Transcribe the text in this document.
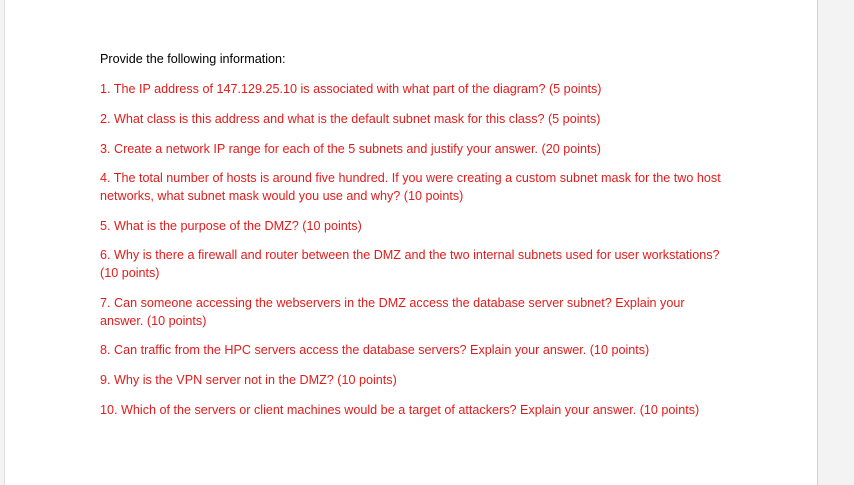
Provide the following information:

1. The IP address of 147.129.25.10 is associated with what part of the diagram? (5 points)

2. What class is this address and what is the default subnet mask for this class? (5 points)

3. Create a network IP range for each of the 5 subnets and justify your answer. (20 points)

4. The total number of hosts is around five hundred. If you were creating a custom subnet mask for the two host networks, what subnet mask would you use and why? (10 points)

5. What is the purpose of the DMZ? (10 points)

6. Why is there a firewall and router between the DMZ and the two internal subnets used for user workstations? (10 points)

7. Can someone accessing the webservers in the DMZ access the database server subnet? Explain your answer. (10 points)

8. Can traffic from the HPC servers access the database servers? Explain your answer. (10 points)

9. Why is the VPN server not in the DMZ? (10 points)

10. Which of the servers or client machines would be a target of attackers? Explain your answer. (10 points)
